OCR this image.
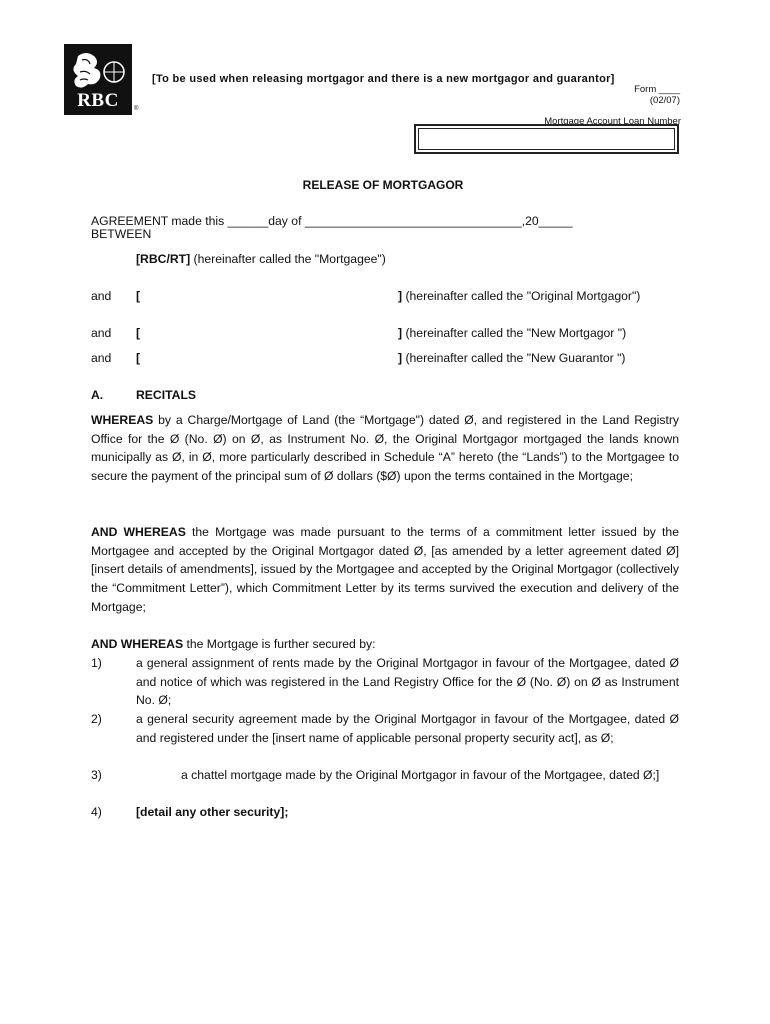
RBC	®
[To be used when releasing mortgagor and there is a new mortgagor and guarantor]
Form ____
(02/07)
Mortgage Account Loan Number
RELEASE OF MORTGAGOR
AGREEMENT made this ______day of ________________________________,20_____
BETWEEN
[RBC/RT] (hereinafter called the "Mortgagee")
and [	] (hereinafter called the "Original Mortgagor")
and [	] (hereinafter called the "New Mortgagor ")
and [	] (hereinafter called the "New Guarantor ")
A.	RECITALS
WHEREAS by a Charge/Mortgage of Land (the “Mortgage") dated Ø, and registered in the Land Registry Office for the Ø (No. Ø) on Ø, as Instrument No. Ø, the Original Mortgagor mortgaged the lands known municipally as Ø, in Ø, more particularly described in Schedule “A” hereto (the “Lands”) to the Mortgagee to secure the payment of the principal sum of Ø dollars ($Ø) upon the terms contained in the Mortgage;
AND WHEREAS the Mortgage was made pursuant to the terms of a commitment letter issued by the Mortgagee and accepted by the Original Mortgagor dated Ø, [as amended by a letter agreement dated Ø][insert details of amendments], issued by the Mortgagee and accepted by the Original Mortgagor (collectively the “Commitment Letter”), which Commitment Letter by its terms survived the execution and delivery of the Mortgage;
AND WHEREAS the Mortgage is further secured by:
1)	a general assignment of rents made by the Original Mortgagor in favour of the Mortgagee, dated Ø and notice of which was registered in the Land Registry Office for the Ø (No. Ø) on Ø as Instrument No. Ø;
2)	a general security agreement made by the Original Mortgagor in favour of the Mortgagee, dated Ø and registered under the [insert name of applicable personal property security act], as Ø;
3)	a chattel mortgage made by the Original Mortgagor in favour of the Mortgagee, dated Ø;]
4)	[detail any other security];
